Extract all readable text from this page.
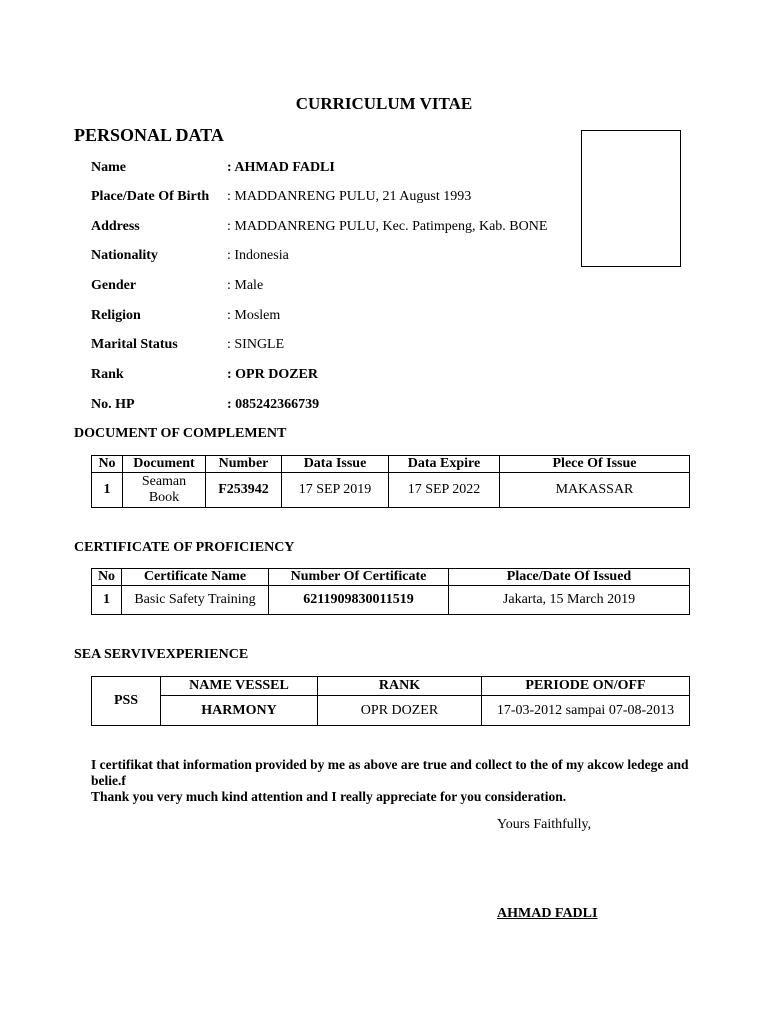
CURRICULUM VITAE
PERSONAL DATA
Name	: AHMAD FADLI
Place/Date Of Birth : MADDANRENG PULU, 21 August 1993
Address	: MADDANRENG PULU, Kec. Patimpeng, Kab. BONE
Nationality	: Indonesia
Gender	: Male
Religion	: Moslem
Marital Status	: SINGLE
Rank	: OPR DOZER
No. HP	: 085242366739
DOCUMENT OF COMPLEMENT
No	Document	Number	Data Issue	Data Expire	Plece Of Issue
1	Seaman Book	F253942	17 SEP 2019	17 SEP 2022	MAKASSAR
CERTIFICATE OF PROFICIENCY
No	Certificate Name	Number Of Certificate	Place/Date Of Issued
1	Basic Safety Training	6211909830011519	Jakarta, 15 March 2019
SEA SERVIVEXPERIENCE
PSS	NAME VESSEL	RANK	PERIODE ON/OFF
	HARMONY	OPR DOZER	17-03-2012 sampai 07-08-2013
I certifikat that information provided by me as above are true and collect to the of my akcow ledege and belie.f
Thank you very much kind attention and I really appreciate for you consideration.
Yours Faithfully,
AHMAD FADLI
